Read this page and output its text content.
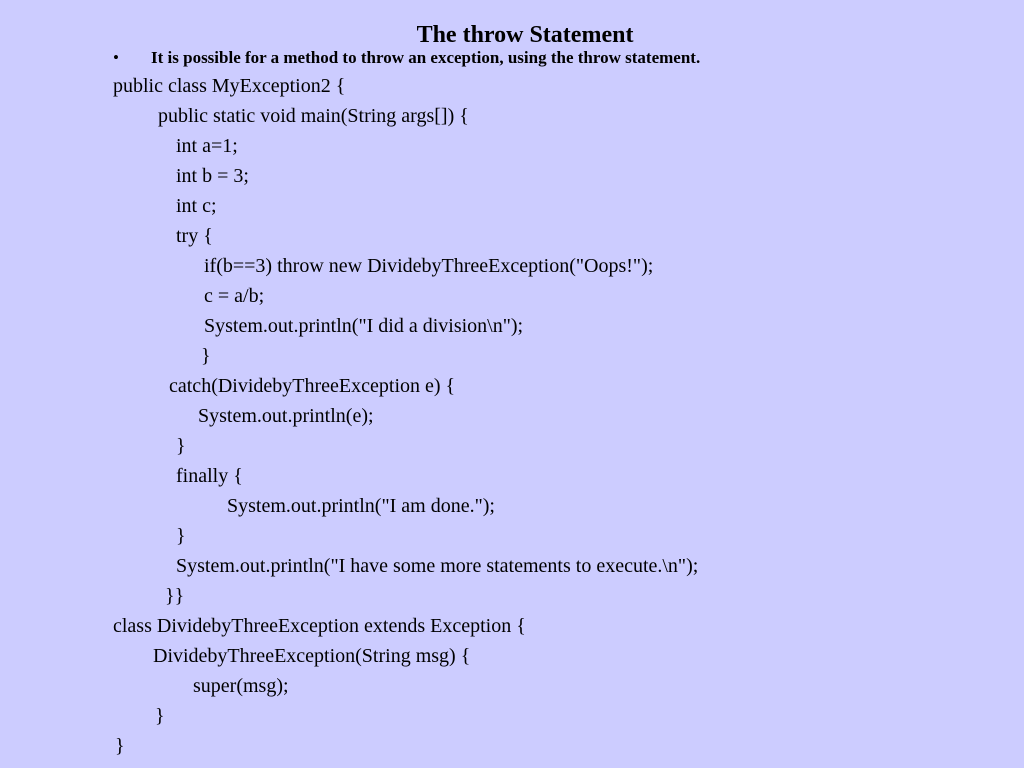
The throw Statement
• It is possible for a method to throw an exception, using the throw statement.
public class MyException2 {
public static void main(String args[]) {
int a=1;
int b = 3;
int c;
try {
if(b==3) throw new DividebyThreeException("Oops!");
c = a/b;
System.out.println("I did a division\n");
}
catch(DividebyThreeException e) {
System.out.println(e);
}
finally {
System.out.println("I am done.");
}
System.out.println("I have some more statements to execute.\n");
}}
class DividebyThreeException extends Exception {
DividebyThreeException(String msg) {
super(msg);
}
}
